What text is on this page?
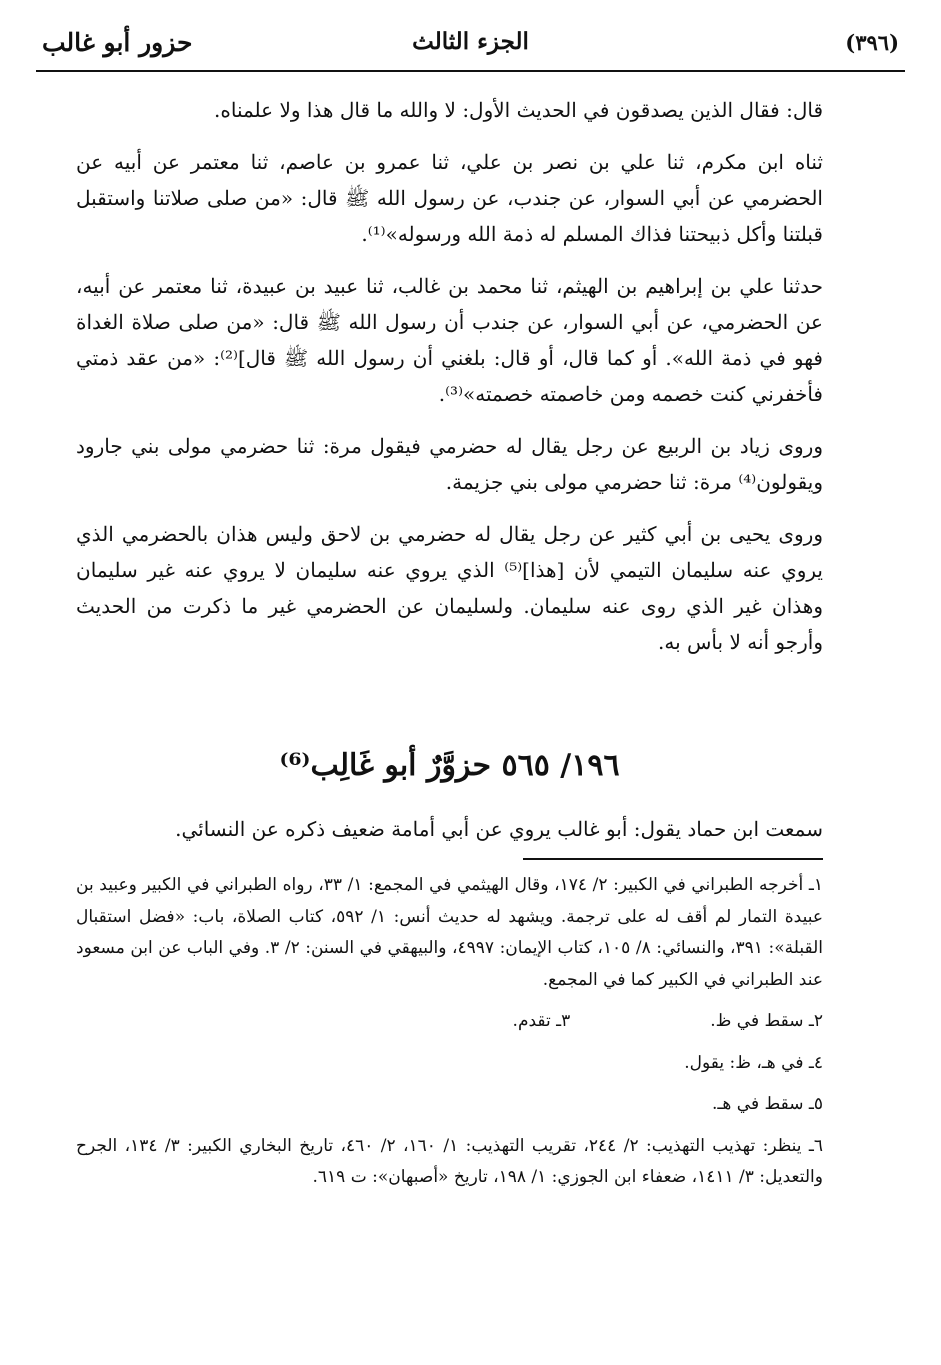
حزور أبو غالب	الجزء الثالث	(٣٩٦)

قال: فقال الذين يصدقون في الحديث الأول: لا والله ما قال هذا ولا علمناه.

ثناه ابن مكرم، ثنا علي بن نصر بن علي، ثنا عمرو بن عاصم، ثنا معتمر عن أبيه عن الحضرمي عن أبي السوار، عن جندب، عن رسول الله ﷺ قال: «من صلى صلاتنا واستقبل قبلتنا وأكل ذبيحتنا فذاك المسلم له ذمة الله ورسوله»⁽¹⁾.

حدثنا علي بن إبراهيم بن الهيثم، ثنا محمد بن غالب، ثنا عبيد بن عبيدة، ثنا معتمر عن أبيه، عن الحضرمي، عن أبي السوار، عن جندب أن رسول الله ﷺ قال: «من صلى صلاة الغداة فهو في ذمة الله». أو كما قال، أو قال: بلغني أن رسول الله ﷺ قال]⁽²⁾: «من عقد ذمتي فأخفرني كنت خصمه ومن خاصمته خصمته»⁽³⁾.

وروى زياد بن الربيع عن رجل يقال له حضرمي فيقول مرة: ثنا حضرمي مولى بني جارود ويقولون⁽⁴⁾ مرة: ثنا حضرمي مولى بني جزيمة.

وروى يحيى بن أبي كثير عن رجل يقال له حضرمي بن لاحق وليس هذان بالحضرمي الذي يروي عنه سليمان التيمي لأن [هذا]⁽⁵⁾ الذي يروي عنه سليمان لا يروي عنه غير سليمان وهذان غير الذي روى عنه سليمان. ولسليمان عن الحضرمي غير ما ذكرت من الحديث وأرجو أنه لا بأس به.

١٩٦/ ٥٦٥ حزوَّرٌ أبو غَالِب⁽⁶⁾
سمعت ابن حماد يقول: أبو غالب يروي عن أبي أمامة ضعيف ذكره عن النسائي.

١ـ أخرجه الطبراني في الكبير: ٢/ ١٧٤، وقال الهيثمي في المجمع: ١/ ٣٣، رواه الطبراني في الكبير وعبيد بن عبيدة التمار لم أقف له على ترجمة. ويشهد له حديث أنس: ١/ ٥٩٢، كتاب الصلاة، باب: «فضل استقبال القبلة»: ٣٩١، والنسائي: ٨/ ١٠٥، كتاب الإيمان: ٤٩٩٧، والبيهقي في السنن: ٢/ ٣. وفي الباب عن ابن مسعود عند الطبراني في الكبير كما في المجمع.

٢ـ سقط في ظ.
٣ـ تقدم.

٤ـ في هـ، ظ: يقول.

٥ـ سقط في هـ.

٦ـ ينظر: تهذيب التهذيب: ٢/ ٢٤٤، تقريب التهذيب: ١/ ١٦٠، ٢/ ٤٦٠، تاريخ البخاري الكبير: ٣/ ١٣٤، الجرح والتعديل: ٣/ ١٤١١، ضعفاء ابن الجوزي: ١/ ١٩٨، تاريخ «أصبهان»: ت ٦١٩.
